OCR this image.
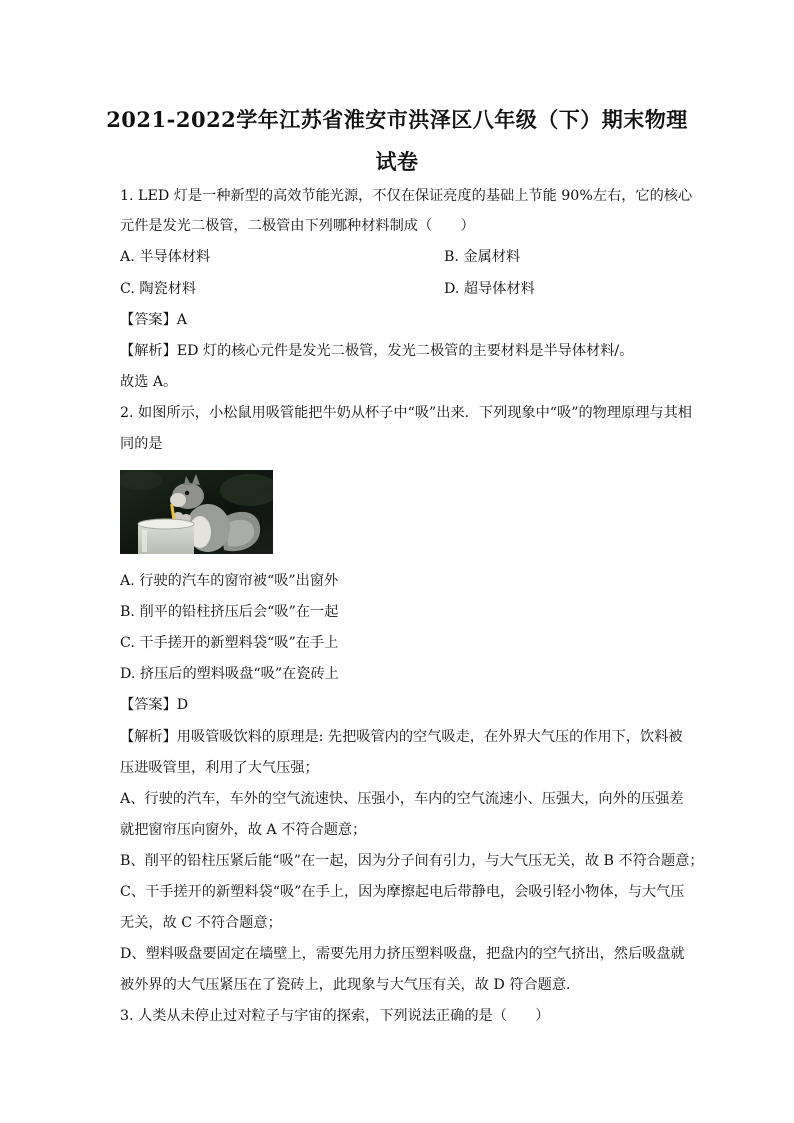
2021-2022学年江苏省淮安市洪泽区八年级（下）期末物理
试卷
1. LED 灯是一种新型的高效节能光源，不仅在保证亮度的基础上节能 90%左右，它的核心
元件是发光二极管，二极管由下列哪种材料制成（　　）
A. 半导体材料	B. 金属材料
C. 陶瓷材料	D. 超导体材料
【答案】A
【解析】ED 灯的核心元件是发光二极管，发光二极管的主要材料是半导体材料/。
故选 A。
2. 如图所示，小松鼠用吸管能把牛奶从杯子中“吸”出来．下列现象中“吸”的物理原理与其相
同的是
A. 行驶的汽车的窗帘被“吸”出窗外
B. 削平的铅柱挤压后会“吸”在一起
C. 干手搓开的新塑料袋“吸”在手上
D. 挤压后的塑料吸盘“吸”在瓷砖上
【答案】D
【解析】用吸管吸饮料的原理是: 先把吸管内的空气吸走，在外界大气压的作用下，饮料被
压进吸管里，利用了大气压强；
A、行驶的汽车，车外的空气流速快、压强小，车内的空气流速小、压强大，向外的压强差
就把窗帘压向窗外，故 A 不符合题意；
B、削平的铅柱压紧后能“吸”在一起，因为分子间有引力，与大气压无关，故 B 不符合题意；
C、干手搓开的新塑料袋“吸”在手上，因为摩擦起电后带静电，会吸引轻小物体，与大气压
无关，故 C 不符合题意；
D、塑料吸盘要固定在墙壁上，需要先用力挤压塑料吸盘，把盘内的空气挤出，然后吸盘就
被外界的大气压紧压在了瓷砖上，此现象与大气压有关，故 D 符合题意．
3. 人类从未停止过对粒子与宇宙的探索，下列说法正确的是（　　）
